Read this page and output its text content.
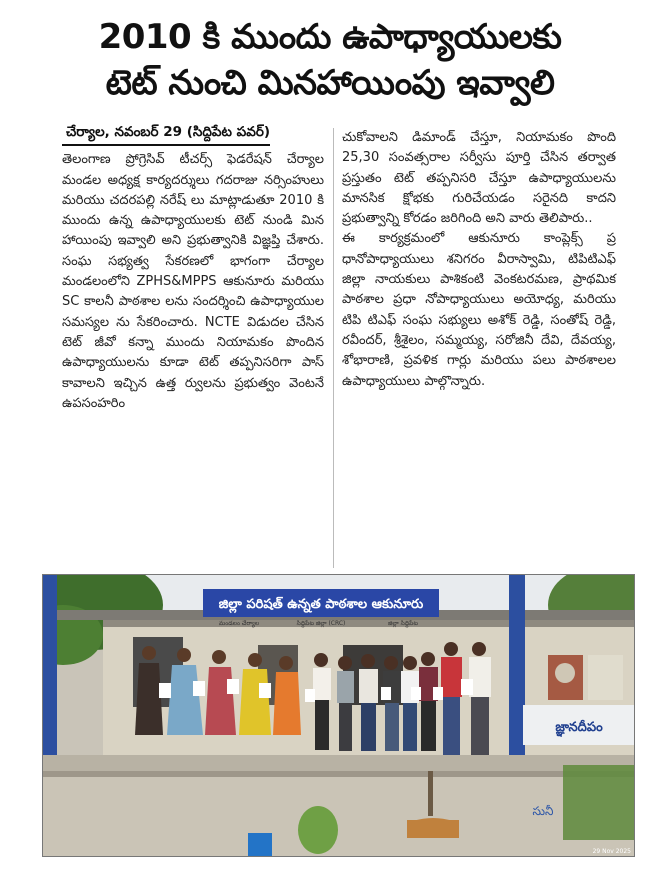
2010 కి ముందు ఉపాధ్యాయులకు
టెట్ నుంచి మినహాయింపు ఇవ్వాలి
చేర్యాల, నవంబర్ 29 (సిద్దిపేట పవర్)

తెలంగాణ ప్రోగ్రెసివ్ టీచర్స్ ఫెడరేషన్ చేర్యాల మండల అధ్యక్ష కార్యదర్శులు గదరాజు నర్సింహులు మరియు చదరపల్లి నరేష్ లు మాట్లాడుతూ 2010 కి ముందు ఉన్న ఉపాధ్యాయులకు టెట్ నుండి మిన హాయింపు ఇవ్వాలి అని ప్రభుత్వానికి విజ్ఞప్తి చేశారు. సంఘ సభ్యత్వ సేకరణలో భాగంగా చేర్యాల మండలంలోని ZPHS&MPPS ఆకునూరు మరియు SC కాలనీ పాఠశాల లను సందర్శించి ఉపాధ్యాయుల సమస్యల ను సేకరించారు. NCTE విడుదల చేసిన టెట్ జీవో కన్నా ముందు నియామకం పొందిన ఉపాధ్యాయులను కూడా టెట్ తప్పనిసరిగా పాస్ కావాలని ఇచ్చిన ఉత్త ర్వులను ప్రభుత్వం వెంటనే ఉపసంహరిం

చుకోవాలని డిమాండ్ చేస్తూ, నియామకం పొంది 25,30 సంవత్సరాల సర్వీసు పూర్తి చేసిన తర్వాత ప్రస్తుతం టెట్ తప్పనిసరి చేస్తూ ఉపాధ్యాయులను మానసిక క్షోభకు గురిచేయడం సరైనది కాదని ప్రభుత్వాన్ని కోరడం జరిగింది అని వారు తెలిపారు..

ఈ కార్యక్రమంలో ఆకునూరు కాంప్లెక్స్ ప్ర ధానోపాధ్యాయులు శనిగరం వీరాస్వామి, టిపిటిఎఫ్ జిల్లా నాయకులు పాశికంటి వెంకటరమణ, ప్రాథమిక పాఠశాల ప్రధా నోపాధ్యాయులు అయోధ్య, మరియు టిపి టిఎఫ్ సంఘ సభ్యులు అశోక్ రెడ్డి, సంతోష్ రెడ్డి, రవీందర్, శ్రీశైలం, సమ్మయ్య, సరోజినీ దేవి, దేవయ్య, శోభారాణి, ప్రవళిక గార్లు మరియు పలు పాఠశాలల ఉపాధ్యాయులు పాల్గొన్నారు.

జిల్లా పరిషత్ ఉన్నత పాఠశాల ఆకునూరు
మండలం చేర్యాల	సిద్దిపేట జిల్లా (CRC)	జిల్లా సిద్దిపేట
జ్ఞానదీపం
సునీ
29 Nov 2025
